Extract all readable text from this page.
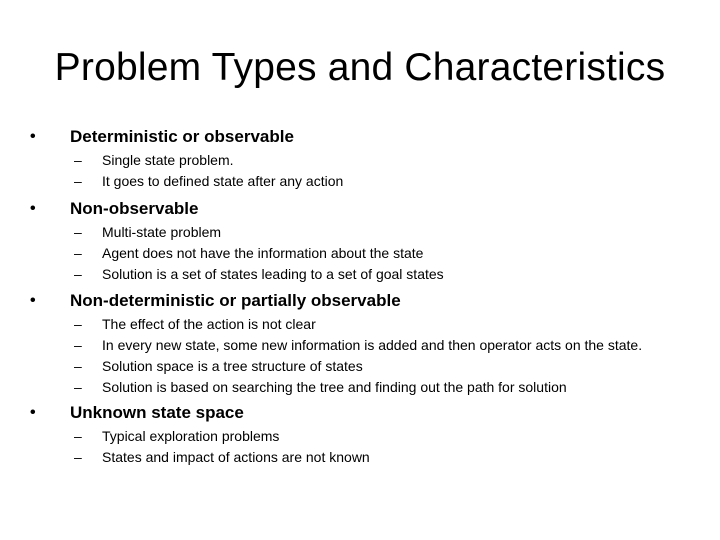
Problem Types and Characteristics
•	Deterministic or observable
–	Single state problem.
–	It goes to defined state after any action
•	Non-observable
–	Multi-state problem
–	Agent does not have the information about the state
–	Solution is a set of states leading to a set of goal states
•	Non-deterministic or partially observable
–	The effect of the action is not clear
–	In every new state, some new information is added and then operator acts on the state.
–	Solution space is a tree structure of states
–	Solution is based on searching the tree and finding out the path for solution
•	Unknown state space
–	Typical exploration problems
–	States and impact of actions are not known
